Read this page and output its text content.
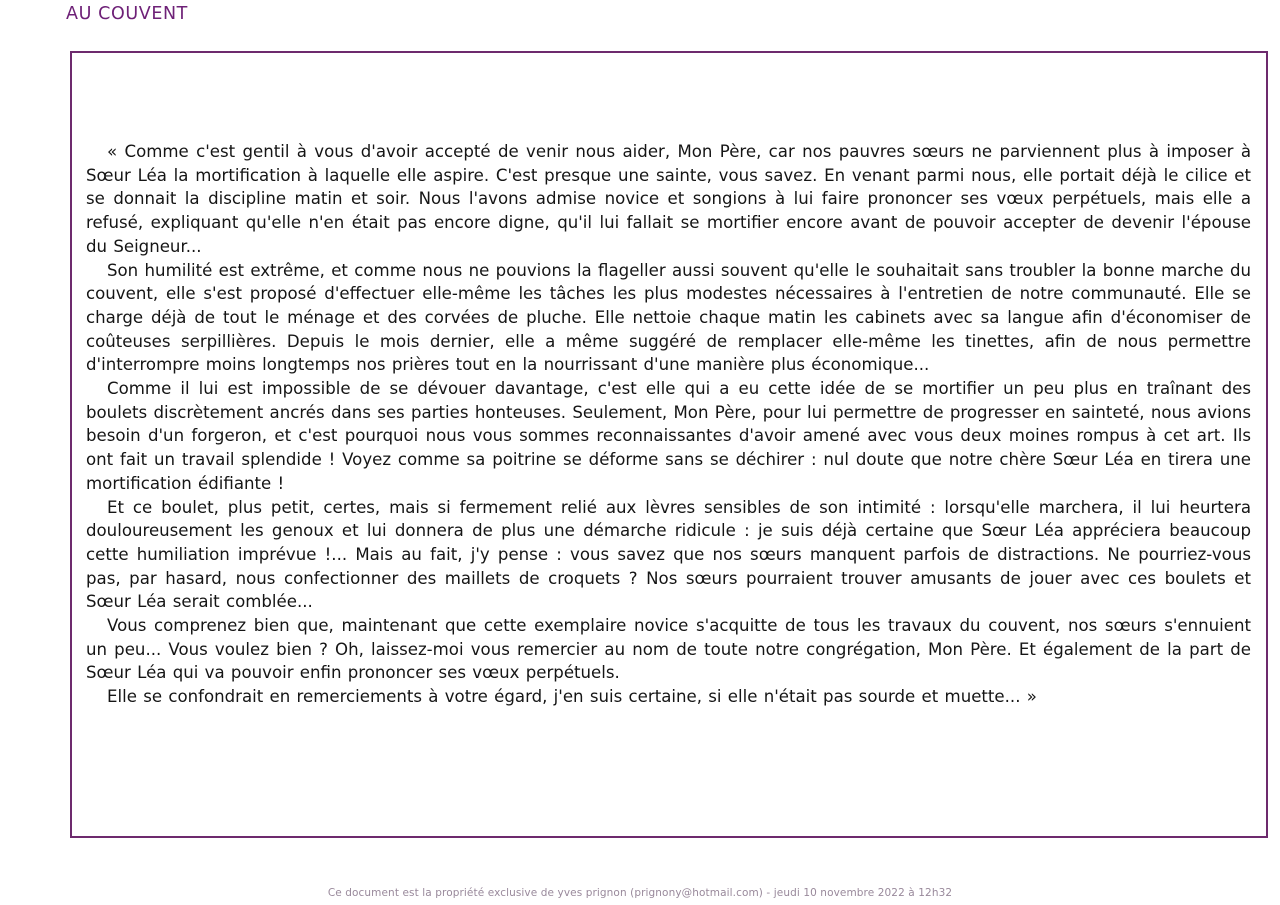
AU COUVENT

« Comme c'est gentil à vous d'avoir accepté de venir nous aider, Mon Père, car nos pauvres sœurs ne parviennent plus à imposer à Sœur Léa la mortification à laquelle elle aspire. C'est presque une sainte, vous savez. En venant parmi nous, elle portait déjà le cilice et se donnait la discipline matin et soir. Nous l'avons admise novice et songions à lui faire prononcer ses vœux perpétuels, mais elle a refusé, expliquant qu'elle n'en était pas encore digne, qu'il lui fallait se mortifier encore avant de pouvoir accepter de devenir l'épouse du Seigneur...

Son humilité est extrême, et comme nous ne pouvions la flageller aussi souvent qu'elle le souhaitait sans troubler la bonne marche du couvent, elle s'est proposé d'effectuer elle-même les tâches les plus modestes nécessaires à l'entretien de notre communauté. Elle se charge déjà de tout le ménage et des corvées de pluche. Elle nettoie chaque matin les cabinets avec sa langue afin d'économiser de coûteuses serpillières. Depuis le mois dernier, elle a même suggéré de remplacer elle-même les tinettes, afin de nous permettre d'interrompre moins longtemps nos prières tout en la nourrissant d'une manière plus économique...

Comme il lui est impossible de se dévouer davantage, c'est elle qui a eu cette idée de se mortifier un peu plus en traînant des boulets discrètement ancrés dans ses parties honteuses. Seulement, Mon Père, pour lui permettre de progresser en sainteté, nous avions besoin d'un forgeron, et c'est pourquoi nous vous sommes reconnaissantes d'avoir amené avec vous deux moines rompus à cet art. Ils ont fait un travail splendide ! Voyez comme sa poitrine se déforme sans se déchirer : nul doute que notre chère Sœur Léa en tirera une mortification édifiante !

Et ce boulet, plus petit, certes, mais si fermement relié aux lèvres sensibles de son intimité : lorsqu'elle marchera, il lui heurtera douloureusement les genoux et lui donnera de plus une démarche ridicule : je suis déjà certaine que Sœur Léa appréciera beaucoup cette humiliation imprévue !... Mais au fait, j'y pense : vous savez que nos sœurs manquent parfois de distractions. Ne pourriez-vous pas, par hasard, nous confectionner des maillets de croquets ? Nos sœurs pourraient trouver amusants de jouer avec ces boulets et Sœur Léa serait comblée...

Vous comprenez bien que, maintenant que cette exemplaire novice s'acquitte de tous les travaux du couvent, nos sœurs s'ennuient un peu... Vous voulez bien ? Oh, laissez-moi vous remercier au nom de toute notre congrégation, Mon Père. Et également de la part de Sœur Léa qui va pouvoir enfin prononcer ses vœux perpétuels.

Elle se confondrait en remerciements à votre égard, j'en suis certaine, si elle n'était pas sourde et muette... »

Ce document est la propriété exclusive de yves prignon (prignony@hotmail.com) - jeudi 10 novembre 2022 à 12h32
